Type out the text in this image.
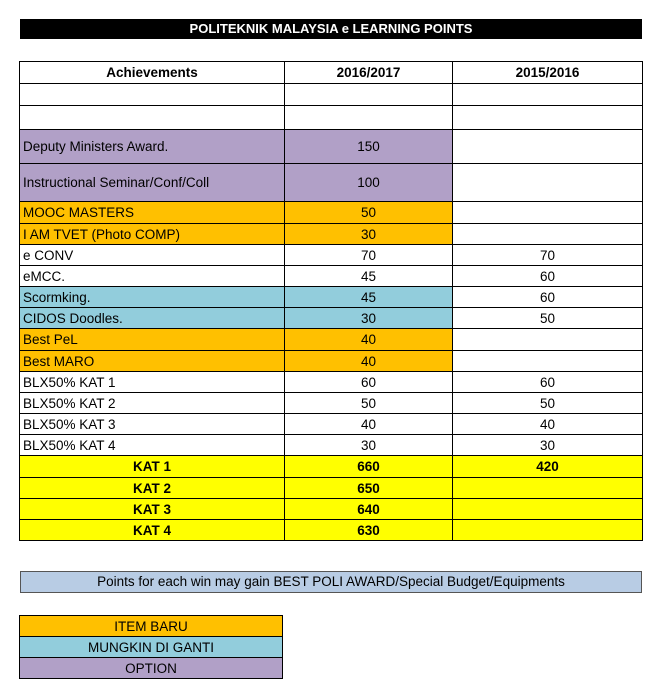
POLITEKNIK MALAYSIA e LEARNING POINTS
Achievements	2016/2017	2015/2016

Deputy Ministers Award.	150	
Instructional Seminar/Conf/Coll	100	
MOOC MASTERS	50	
I AM TVET (Photo COMP)	30	
e CONV	70	70
eMCC.	45	60
Scormking.	45	60
CIDOS Doodles.	30	50
Best PeL	40	
Best MARO	40	
BLX50% KAT 1	60	60
BLX50% KAT 2	50	50
BLX50% KAT 3	40	40
BLX50% KAT 4	30	30
KAT 1	660	420
KAT 2	650	
KAT 3	640	
KAT 4	630	
Points for each win may gain BEST POLI AWARD/Special Budget/Equipments
ITEM BARU
MUNGKIN DI GANTI
OPTION
